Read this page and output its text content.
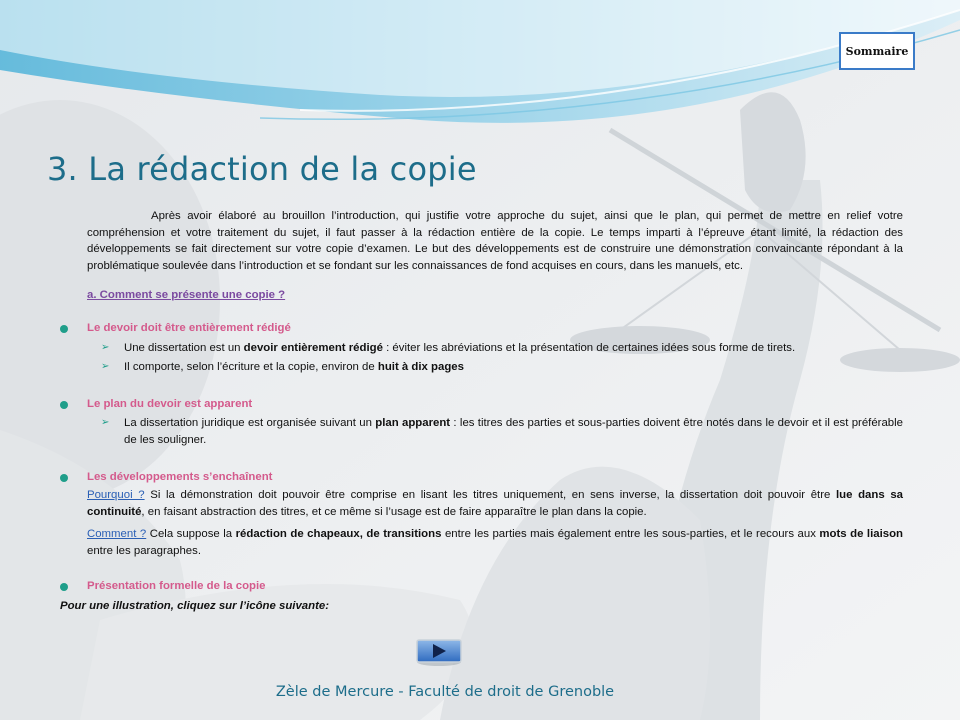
Sommaire
3. La rédaction de la copie

Après avoir élaboré au brouillon l’introduction, qui justifie votre approche du sujet, ainsi que le plan, qui permet de mettre en relief votre compréhension et votre traitement du sujet, il faut passer à la rédaction entière de la copie. Le temps imparti à l’épreuve étant limité, la rédaction des développements se fait directement sur votre copie d’examen. Le but des développements est de construire une démonstration convaincante répondant à la problématique soulevée dans l’introduction et se fondant sur les connaissances de fond acquises en cours, dans les manuels, etc.

a. Comment se présente une copie ?

Le devoir doit être entièrement rédigé

➢ Une dissertation est un devoir entièrement rédigé : éviter les abréviations et la présentation de certaines idées sous forme de tirets.

➢ Il comporte, selon l’écriture et la copie, environ de huit à dix pages

Le plan du devoir est apparent

➢ La dissertation juridique est organisée suivant un plan apparent : les titres des parties et sous-parties doivent être notés dans le devoir et il est préférable de les souligner.

Les développements s’enchaînent

Pourquoi ? Si la démonstration doit pouvoir être comprise en lisant les titres uniquement, en sens inverse, la dissertation doit pouvoir être lue dans sa continuité, en faisant abstraction des titres, et ce même si l’usage est de faire apparaître le plan dans la copie.

Comment ? Cela suppose la rédaction de chapeaux, de transitions entre les parties mais également entre les sous-parties, et le recours aux mots de liaison entre les paragraphes.

Présentation formelle de la copie

Pour une illustration, cliquez sur l’icône suivante:

Zèle de Mercure - Faculté de droit de Grenoble
